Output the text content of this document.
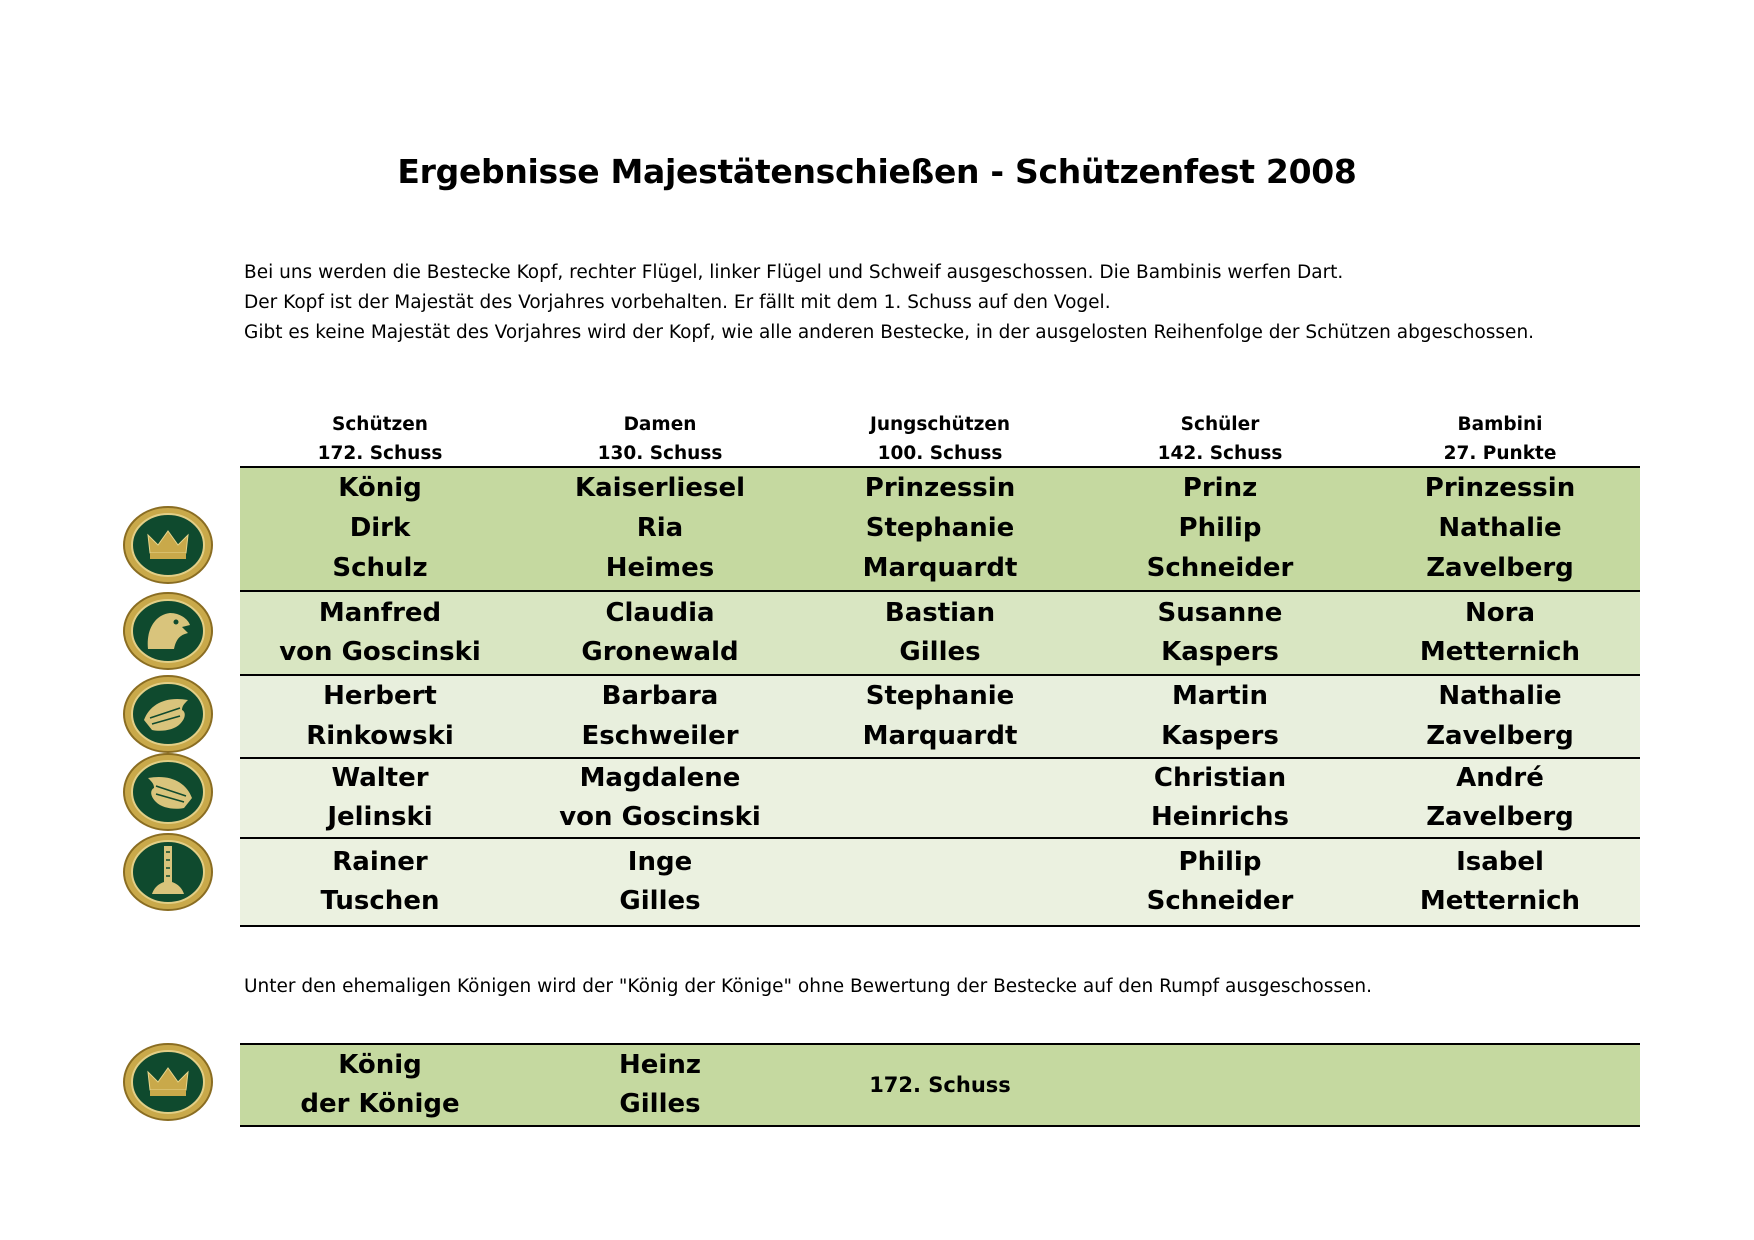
Ergebnisse Majestätenschießen - Schützenfest 2008
Bei uns werden die Bestecke Kopf, rechter Flügel, linker Flügel und Schweif ausgeschossen. Die Bambinis werfen Dart.
Der Kopf ist der Majestät des Vorjahres vorbehalten. Er fällt mit dem 1. Schuss auf den Vogel.
Gibt es keine Majestät des Vorjahres wird der Kopf, wie alle anderen Bestecke, in der ausgelosten Reihenfolge der Schützen abgeschossen.
Schützen
172. Schuss
Damen
130. Schuss
Jungschützen
100. Schuss
Schüler
142. Schuss
Bambini
27. Punkte
König
Dirk
Schulz
Kaiserliesel
Ria
Heimes
Prinzessin
Stephanie
Marquardt
Prinz
Philip
Schneider
Prinzessin
Nathalie
Zavelberg
Manfred
von Goscinski
Claudia
Gronewald
Bastian
Gilles
Susanne
Kaspers
Nora
Metternich
Herbert
Rinkowski
Barbara
Eschweiler
Stephanie
Marquardt
Martin
Kaspers
Nathalie
Zavelberg
Walter
Jelinski
Magdalene
von Goscinski
Christian
Heinrichs
André
Zavelberg
Rainer
Tuschen
Inge
Gilles
Philip
Schneider
Isabel
Metternich
Unter den ehemaligen Königen wird der "König der Könige" ohne Bewertung der Bestecke auf den Rumpf ausgeschossen.
König
der Könige
Heinz
Gilles
172. Schuss
